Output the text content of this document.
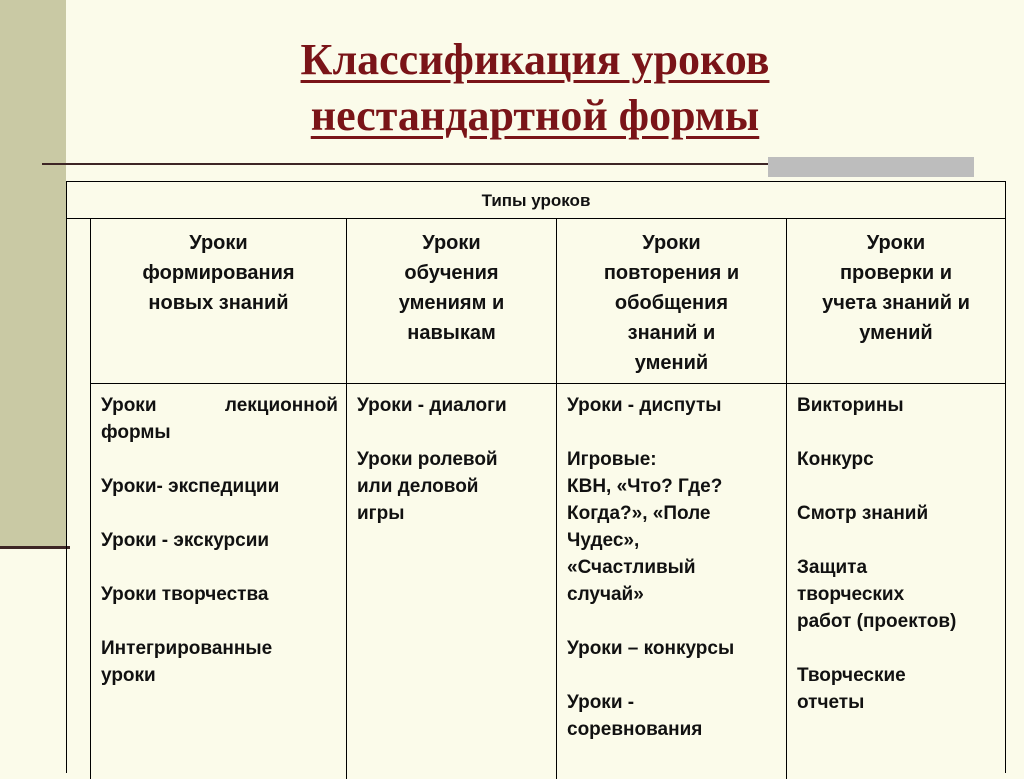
Классификация уроков
нестандартной формы
Типы уроков
Уроки
формирования
новых знаний
Уроки
обучения
умениям и
навыкам
Уроки
повторения и
обобщения
знаний и
умений
Уроки
проверки и
учета знаний и
умений
Уроки	лекционной
формы
Уроки- экспедиции
Уроки - экскурсии
Уроки творчества
Интегрированные
уроки
Уроки - диалоги
Уроки ролевой
или деловой
игры
Уроки - диспуты
Игровые:
КВН, «Что? Где?
Когда?», «Поле
Чудес»,
«Счастливый
случай»
Уроки – конкурсы
Уроки -
соревнования
Викторины
Конкурс
Смотр знаний
Защита
творческих
работ (проектов)
Творческие
отчеты
